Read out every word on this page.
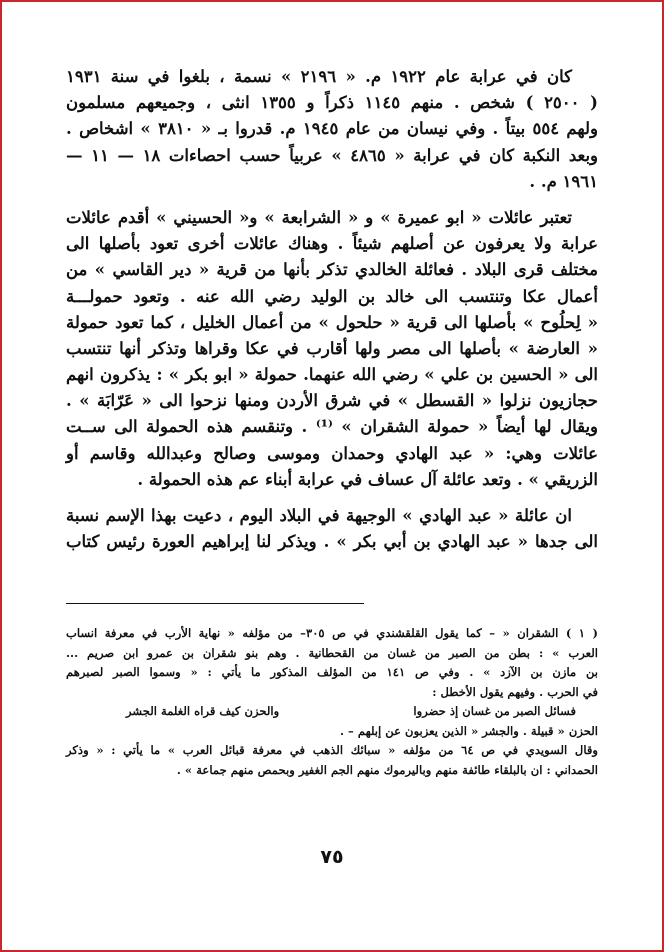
كان في عرابة عام ١٩٢٢ م. « ٢١٩٦ » نسمة ، بلغوا في سنة ١٩٣١
( ٢٥٠٠ ) شخص . منهم ١١٤٥ ذكراً و ١٣٥٥ انثى ، وجميعهم مسلمون
ولهم ٥٥٤ بيتاً . وفي نيسان من عام ١٩٤٥ م. قدروا بـ « ٣٨١٠ » اشخاص .
وبعد النكبة كان في عرابة « ٤٨٦٥ » عربياً حسب احصاءات ١٨ — ١١ —
١٩٦١ م. .
تعتبر عائلات « ابو عميرة » و « الشرابعة » و« الحسيني » أقدم عائلات
عرابة ولا يعرفون عن أصلهم شيئاً . وهناك عائلات أخرى تعود بأصلها الى
مختلف قرى البلاد . فعائلة الخالدي تذكر بأنها من قرية « دير القاسي » من
أعمال عكا وتنتسب الى خالد بن الوليد رضي الله عنه . وتعود حمولـــة
« لِحلُوح » بأصلها الى قرية « حلحول » من أعمال الخليل ، كما تعود حمولة
« العارضة » بأصلها الى مصر ولها أقارب في عكا وقراها وتذكر أنها تنتسب
الى « الحسين بن علي » رضي الله عنهما. حمولة « ابو بكر » : يذكرون انهم
حجازيون نزلوا « القسطل » في شرق الأردن ومنها نزحوا الى « عَرّابَة » .
ويقال لها أيضاً « حمولة الشقران » ⁽¹⁾ . وتنقسم هذه الحمولة الى ســت
عائلات وهي: « عبد الهادي وحمدان وموسى وصالح وعبدالله وقاسم أو
الزريقي » . وتعد عائلة آل عساف في عرابة أبناء عم هذه الحمولة .
ان عائلة « عبد الهادي » الوجيهة في البلاد اليوم ، دعيت بهذا الإسم نسبة
الى جدها « عبد الهادي بن أبي بكر » . ويذكر لنا إبراهيم العورة رئيس كتاب
( ١ ) الشقران « – كما يقول القلقشندي في ص ٣٠٥– من مؤلفه « نهاية الأرب في معرفة انساب
العرب » : بطن من الصبر من غسان من القحطانية . وهم بنو شقران بن عمرو ابن صريم ...
بن مازن بن الآزد » . وفي ص ١٤١ من المؤلف المذكور ما يأتي : « وسموا الصبر لصبرهم
في الحرب . وفيهم يقول الأخطل :
فسائل الصبر من غسان إذ حضروا
والحزن كيف قراه الغلمة الجشر
الحزن « قبيلة . والجشر « الذين يعزبون عن إبلهم – .
وقال السويدي في ص ٦٤ من مؤلفه « سبائك الذهب في معرفة قبائل العرب » ما يأتي : « وذكر
الحمداني : ان بالبلقاء طائفة منهم وباليرموك منهم الجم الغفير وبحمص منهم جماعة » .
٧٥
